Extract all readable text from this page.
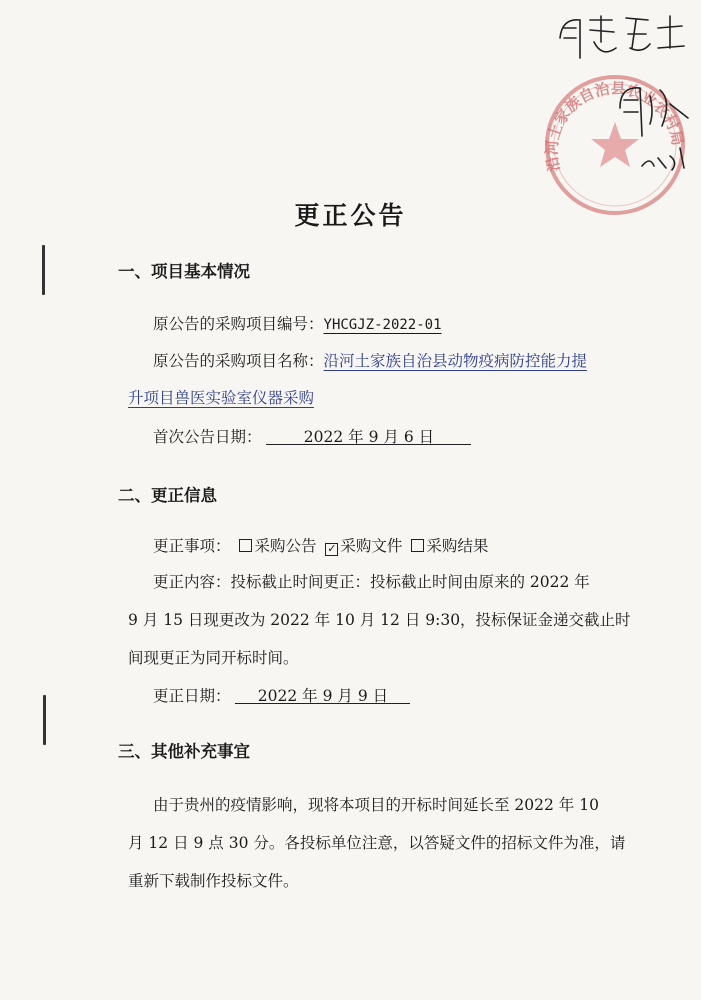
沿河土家族自治县农业农村局
更正公告
一、项目基本情况
原公告的采购项目编号：YHCGJZ-2022-01
原公告的采购项目名称：沿河土家族自治县动物疫病防控能力提
升项目兽医实验室仪器采购
首次公告日期：	2022 年 9 月 6 日
二、更正信息
更正事项： 采购公告 ✓ 采购文件 采购结果
更正内容：投标截止时间更正：投标截止时间由原来的 2022 年
9 月 15 日现更改为 2022 年 10 月 12 日 9:30，投标保证金递交截止时
间现更正为同开标时间。
更正日期： 2022 年 9 月 9 日
三、其他补充事宜
由于贵州的疫情影响，现将本项目的开标时间延长至 2022 年 10
月 12 日 9 点 30 分。各投标单位注意，以答疑文件的招标文件为准，请
重新下载制作投标文件。
